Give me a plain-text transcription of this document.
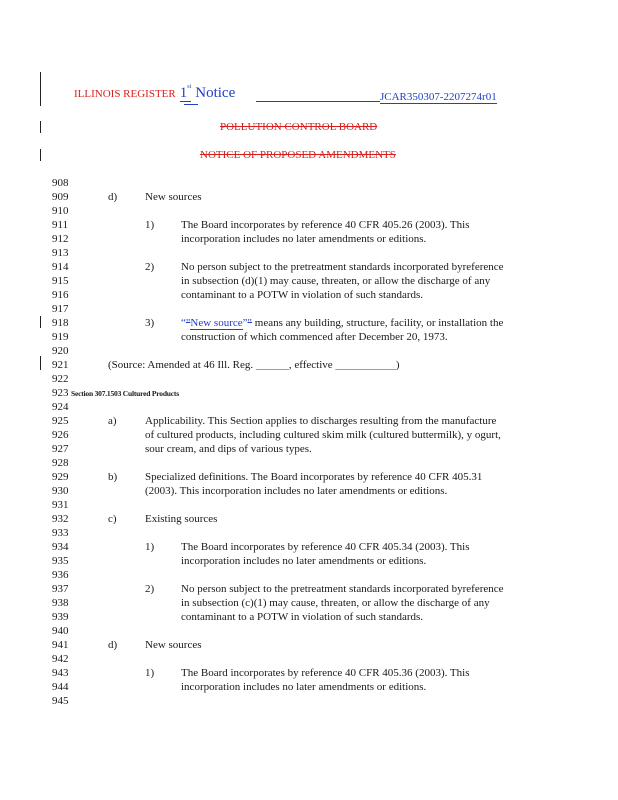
ILLINOIS REGISTER 1st Notice	JCAR350307-2207274r01
POLLUTION CONTROL BOARD
NOTICE OF PROPOSED AMENDMENTS
908
909	d)	New sources
910
911	1) The Board incorporates by reference 40 CFR 405.26 (2003). This
912	incorporation includes no later amendments or editions.
913
914	2) No person subject to the pretreatment standards incorporated byreference
915	in subsection (d)(1) may cause, threaten, or allow the discharge of any
916	contaminant to a POTW in violation of such standards.
917
918	3) “"New source”" means any building, structure, facility, or installation the
919	construction of which commenced after December 20, 1973.
920
921	(Source: Amended at 46 Ill. Reg. ______, effective ___________)
922
923 Section 307.1503 Cultured Products
924
925	a)	Applicability. This Section applies to discharges resulting from the manufacture
926	of cultured products, including cultured skim milk (cultured buttermilk), y ogurt,
927	sour cream, and dips of various types.
928
929	b)	Specialized definitions. The Board incorporates by reference 40 CFR 405.31
930	(2003). This incorporation includes no later amendments or editions.
931
932	c)	Existing sources
933
934	1) The Board incorporates by reference 40 CFR 405.34 (2003). This
935	incorporation includes no later amendments or editions.
936
937	2) No person subject to the pretreatment standards incorporated byreference
938	in subsection (c)(1) may cause, threaten, or allow the discharge of any
939	contaminant to a POTW in violation of such standards.
940
941	d)	New sources
942
943	1) The Board incorporates by reference 40 CFR 405.36 (2003). This
944	incorporation includes no later amendments or editions.
945
